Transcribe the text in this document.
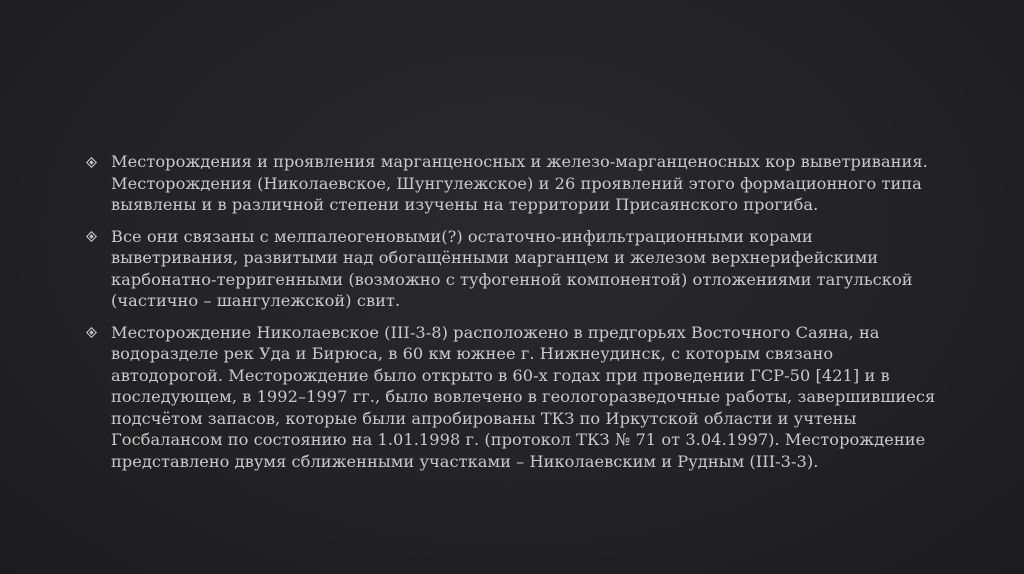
Месторождения и проявления марганценосных и железо-марганценосных кор выветривания. Месторождения (Николаевское, Шунгулежское) и 26 проявлений этого формационного типа выявлены и в различной степени изучены на территории Присаянского прогиба.
Все они связаны с мелпалеогеновыми(?) остаточно-инфильтрационными корами выветривания, развитыми над обогащёнными марганцем и железом верхнерифейскими карбонатно-терригенными (возможно с туфогенной компонентой) отложениями тагульской (частично – шангулежской) свит.
Месторождение Николаевское (III-3-8) расположено в предгорьях Восточного Саяна, на водоразделе рек Уда и Бирюса, в 60 км южнее г. Нижнеудинск, с которым связано автодорогой. Месторождение было открыто в 60-х годах при проведении ГСР-50 [421] и в последующем, в 1992–1997 гг., было вовлечено в геологоразведочные работы, завершившиеся подсчётом запасов, которые были апробированы ТКЗ по Иркутской области и учтены Госбалансом по состоянию на 1.01.1998 г. (протокол ТКЗ № 71 от 3.04.1997). Месторождение представлено двумя сближенными участками – Николаевским и Рудным (III-3-3).
